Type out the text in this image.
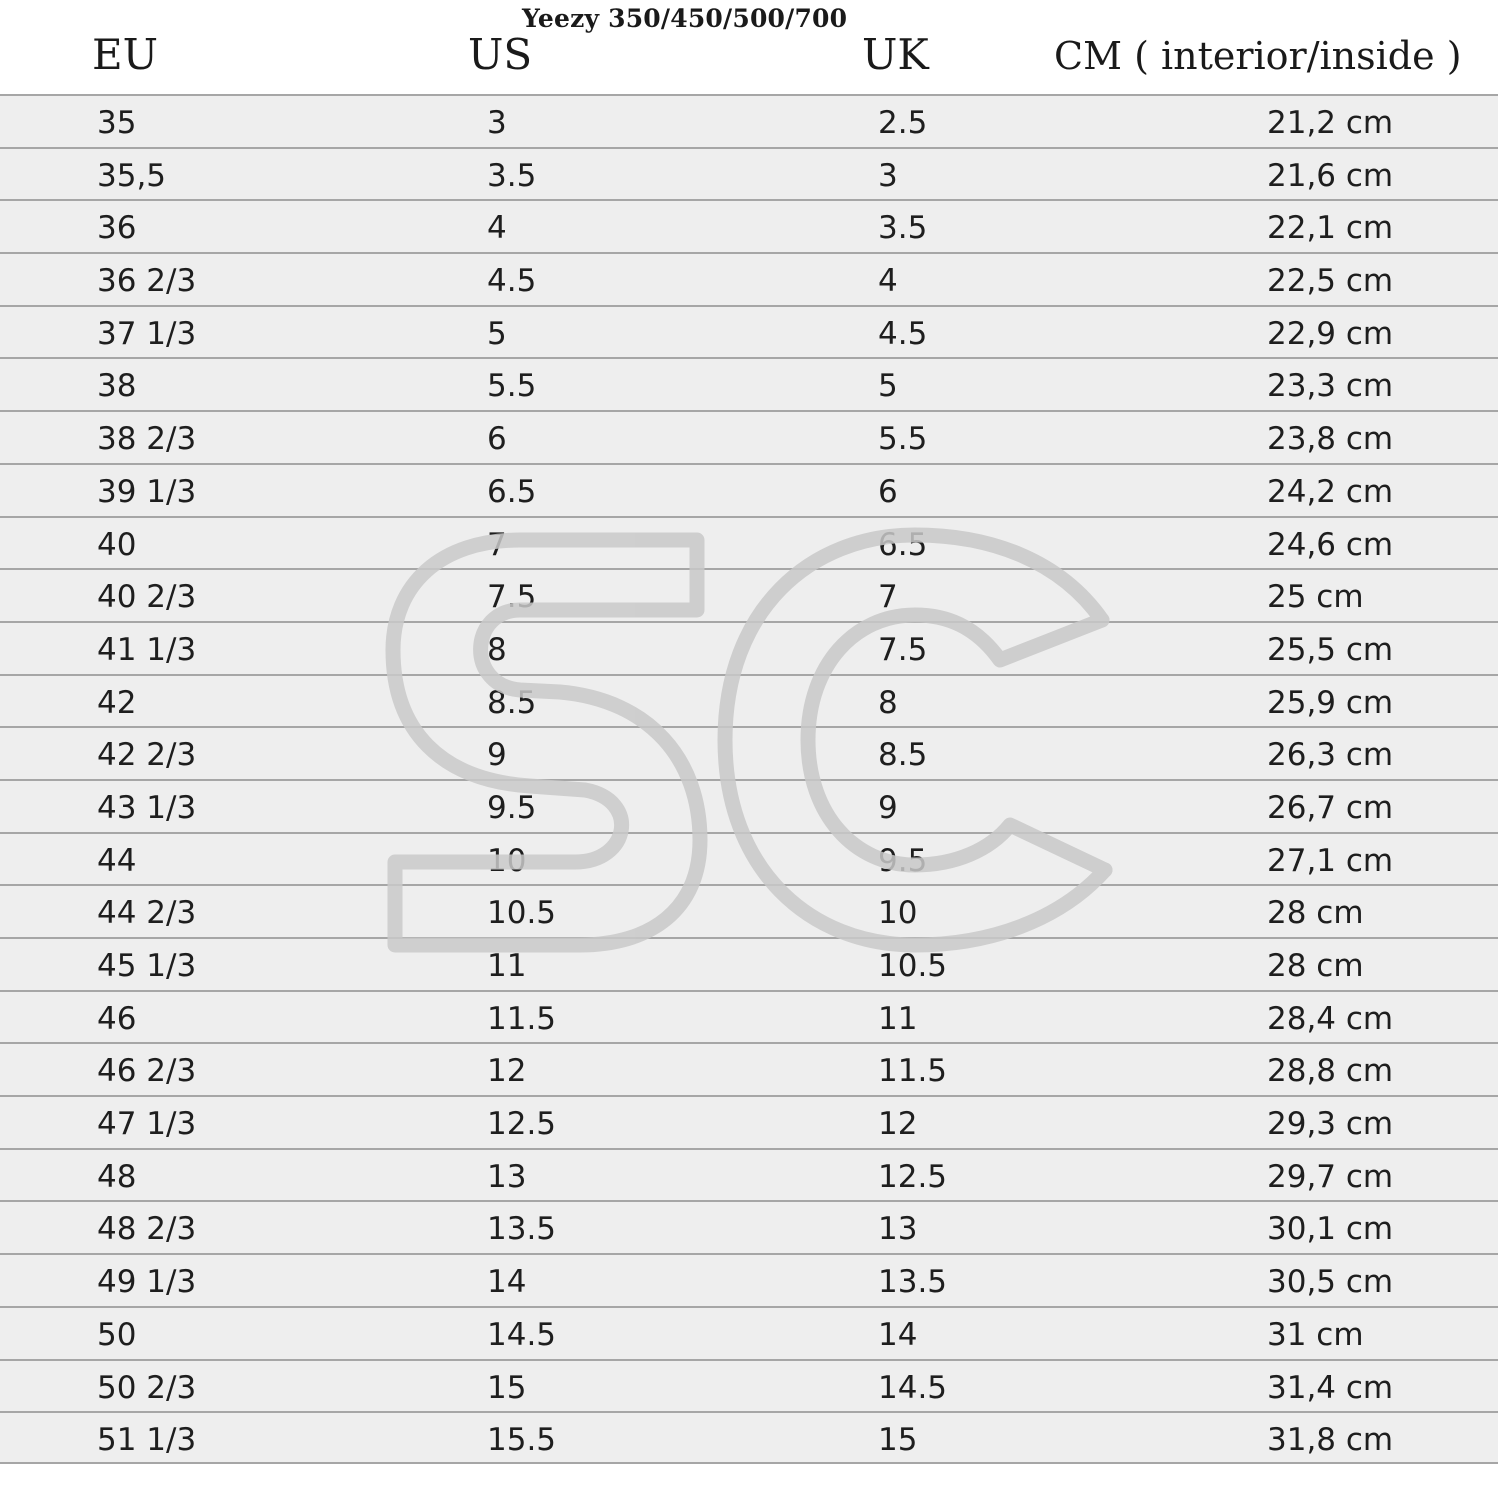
Yeezy 350/450/500/700
EU	US	UK	CM ( interior/inside )
35	3	2.5	21,2 cm
35,5	3.5	3	21,6 cm
36	4	3.5	22,1 cm
36 2/3	4.5	4	22,5 cm
37 1/3	5	4.5	22,9 cm
38	5.5	5	23,3 cm
38 2/3	6	5.5	23,8 cm
39 1/3	6.5	6	24,2 cm
40	7	6.5	24,6 cm
40 2/3	7.5	7	25 cm
41 1/3	8	7.5	25,5 cm
42	8.5	8	25,9 cm
42 2/3	9	8.5	26,3 cm
43 1/3	9.5	9	26,7 cm
44	10	9.5	27,1 cm
44 2/3	10.5	10	28 cm
45 1/3	11	10.5	28 cm
46	11.5	11	28,4 cm
46 2/3	12	11.5	28,8 cm
47 1/3	12.5	12	29,3 cm
48	13	12.5	29,7 cm
48 2/3	13.5	13	30,1 cm
49 1/3	14	13.5	30,5 cm
50	14.5	14	31 cm
50 2/3	15	14.5	31,4 cm
51 1/3	15.5	15	31,8 cm
